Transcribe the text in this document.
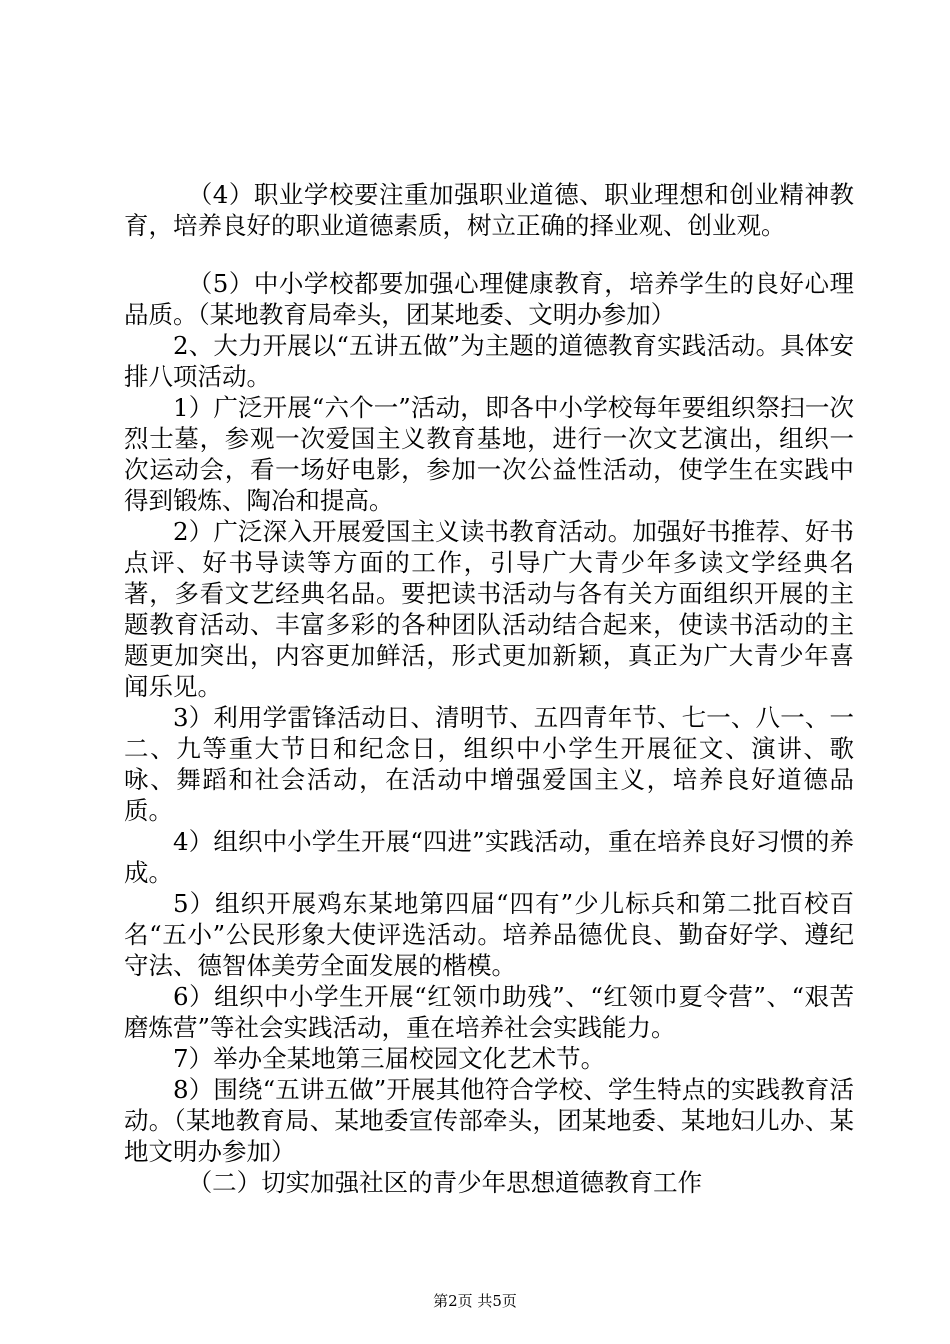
（4）职业学校要注重加强职业道德、职业理想和创业精神教育，培养良好的职业道德素质，树立正确的择业观、创业观。

（5）中小学校都要加强心理健康教育，培养学生的良好心理品质。（某地教育局牵头，团某地委、文明办参加）

2、大力开展以“五讲五做”为主题的道德教育实践活动。具体安排八项活动。

1）广泛开展“六个一”活动，即各中小学校每年要组织祭扫一次烈士墓，参观一次爱国主义教育基地，进行一次文艺演出，组织一次运动会，看一场好电影，参加一次公益性活动，使学生在实践中得到锻炼、陶冶和提高。

2）广泛深入开展爱国主义读书教育活动。加强好书推荐、好书点评、好书导读等方面的工作，引导广大青少年多读文学经典名著，多看文艺经典名品。要把读书活动与各有关方面组织开展的主题教育活动、丰富多彩的各种团队活动结合起来，使读书活动的主题更加突出，内容更加鲜活，形式更加新颖，真正为广大青少年喜闻乐见。

3）利用学雷锋活动日、清明节、五四青年节、七一、八一、一二、九等重大节日和纪念日，组织中小学生开展征文、演讲、歌咏、舞蹈和社会活动，在活动中增强爱国主义，培养良好道德品质。

4）组织中小学生开展“四进”实践活动，重在培养良好习惯的养成。

5）组织开展鸡东某地第四届“四有”少儿标兵和第二批百校百名“五小”公民形象大使评选活动。培养品德优良、勤奋好学、遵纪守法、德智体美劳全面发展的楷模。

6）组织中小学生开展“红领巾助残”、“红领巾夏令营”、“艰苦磨炼营”等社会实践活动，重在培养社会实践能力。

7）举办全某地第三届校园文化艺术节。

8）围绕“五讲五做”开展其他符合学校、学生特点的实践教育活动。（某地教育局、某地委宣传部牵头，团某地委、某地妇儿办、某地文明办参加）

（二）切实加强社区的青少年思想道德教育工作

第2页 共5页
